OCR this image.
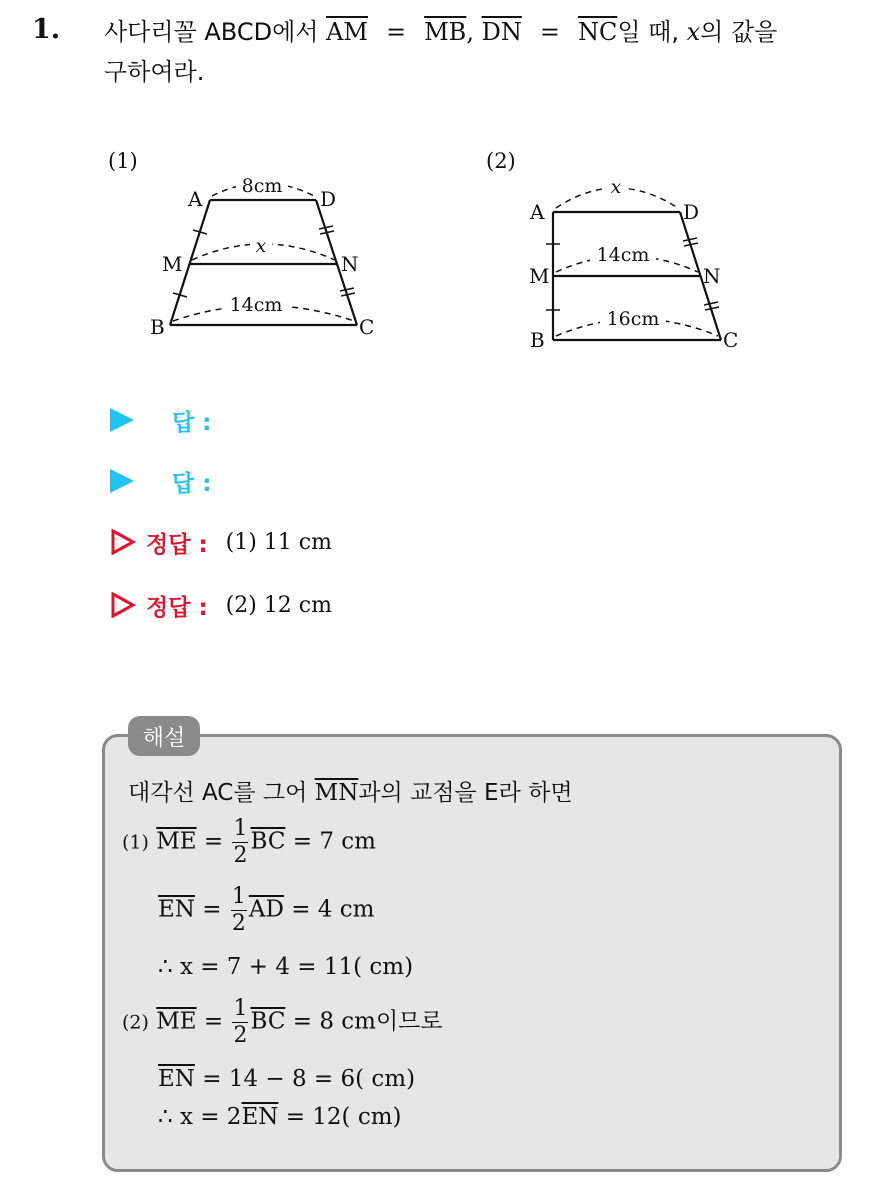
1. 사다리꼴 ABCD에서 $\overline{AM} = \overline{MB}$, $\overline{DN} = \overline{NC}$일 때, x의 값을
구하여라.
(1)
8cm
x
14cm
A	D
M	N
B	C
(2)
x
14cm
16cm
A	D
M	N
B	C
답 :
답 :
정답 : (1) 11 cm
정답 : (2) 12 cm
해설
대각선 AC를 그어 $\overline{MN}$과의 교점을 E라 하면
(1) $\overline{ME} = \frac{1}{2} \overline{BC} = 7$ cm
$\overline{EN} = \frac{1}{2} \overline{AD} = 4$ cm
∴ x = 7 + 4 = 11( cm)
(2) $\overline{ME} = \frac{1}{2} \overline{BC} = 8$ cm이므로
$\overline{EN} = 14 - 8 = 6$( cm)
∴ $x = 2\overline{EN} = 12$( cm)
